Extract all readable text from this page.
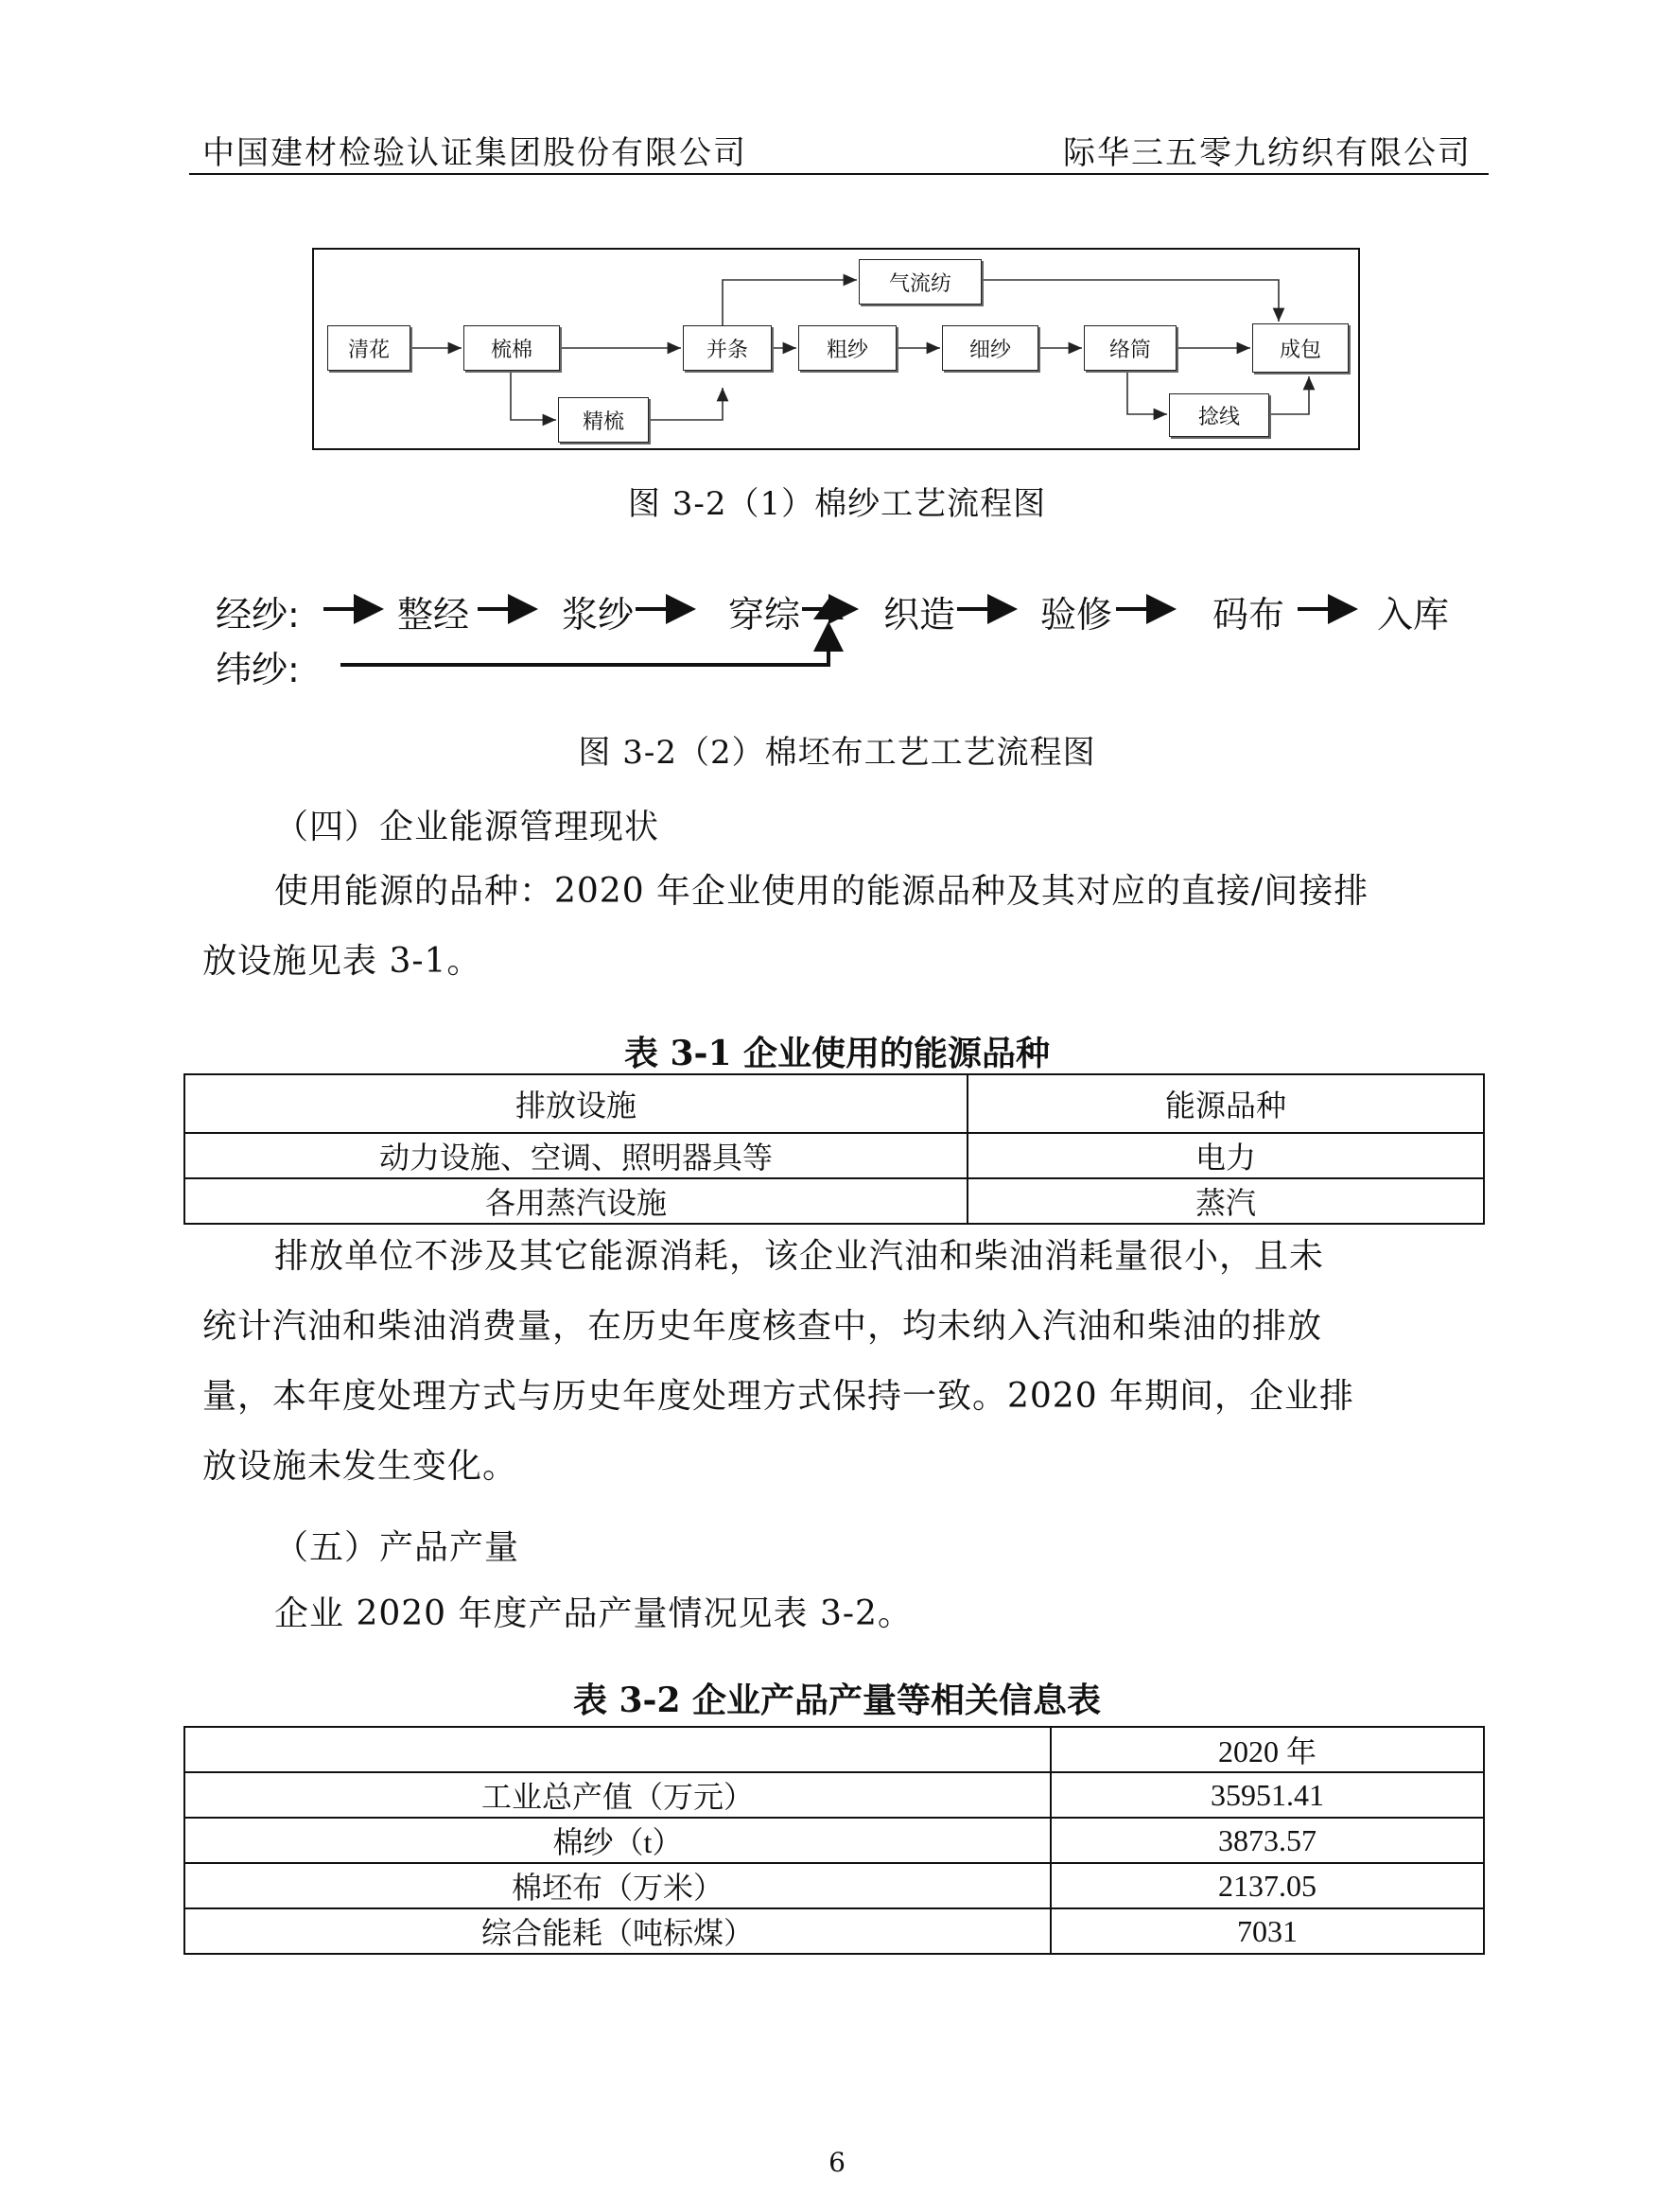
中国建材检验认证集团股份有限公司	际华三五零九纺织有限公司
清花	梳棉
精梳
并条	粗纱	细纱	络筒	成包
气流纺
捻线
图 3-2（1）棉纱工艺流程图
经纱:
纬纱:
整经	浆纱	穿综 织造 验修	码布	入库
图 3-2（2）棉坯布工艺工艺流程图
（四）企业能源管理现状
使用能源的品种：2020 年企业使用的能源品种及其对应的直接/间接排
放设施见表 3-1。
表 3-1 企业使用的能源品种
排放设施	能源品种
动力设施、空调、照明器具等	电力
各用蒸汽设施	蒸汽
排放单位不涉及其它能源消耗，该企业汽油和柴油消耗量很小，且未
统计汽油和柴油消费量，在历史年度核查中，均未纳入汽油和柴油的排放
量，本年度处理方式与历史年度处理方式保持一致。2020 年期间，企业排
放设施未发生变化。
（五）产品产量
企业 2020 年度产品产量情况见表 3-2。
表 3-2 企业产品产量等相关信息表
	2020 年
工业总产值（万元）	35951.41
棉纱（t）	3873.57
棉坯布（万米）	2137.05
综合能耗（吨标煤）	7031
6
